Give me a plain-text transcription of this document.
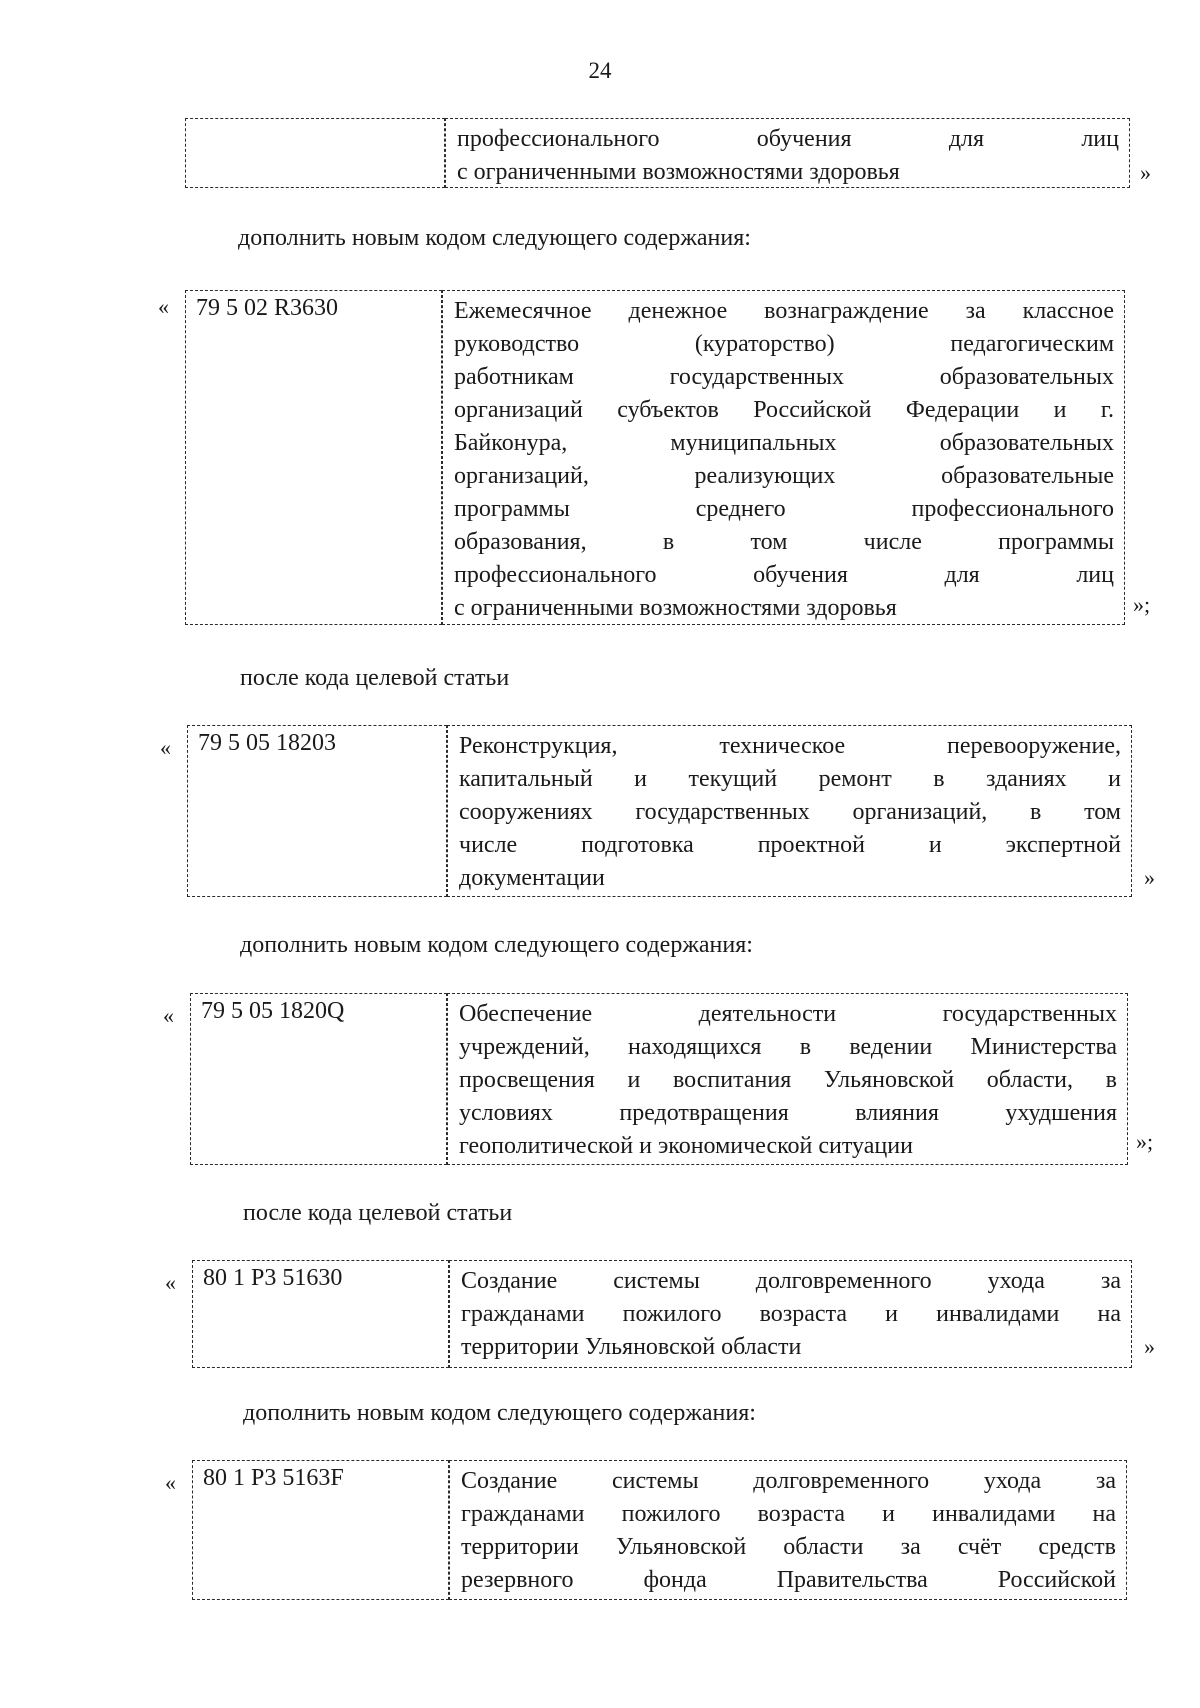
24
профессионального обучения для лиц
с ограниченными возможностями здоровья	»
дополнить новым кодом следующего содержания:
«	79 5 02 R3630	Ежемесячное денежное вознаграждение за классное
руководство (кураторство) педагогическим
работникам государственных образовательных
организаций субъектов Российской Федерации и г.
Байконура, муниципальных образовательных
организаций, реализующих образовательные
программы среднего профессионального
образования, в том числе программы
профессионального обучения для лиц
с ограниченными возможностями здоровья	»;
после кода целевой статьи
«	79 5 05 18203	Реконструкция, техническое перевооружение,
капитальный и текущий ремонт в зданиях и
сооружениях государственных организаций, в том
числе подготовка проектной и экспертной
документации	»
дополнить новым кодом следующего содержания:
«	79 5 05 1820Q	Обеспечение деятельности государственных
учреждений, находящихся в ведении Министерства
просвещения и воспитания Ульяновской области, в
условиях предотвращения влияния ухудшения
геополитической и экономической ситуации	»;
после кода целевой статьи
«	80 1 Р3 51630	Создание системы долговременного ухода за
гражданами пожилого возраста и инвалидами на
территории Ульяновской области	»
дополнить новым кодом следующего содержания:
«	80 1 Р3 5163F	Создание системы долговременного ухода за
гражданами пожилого возраста и инвалидами на
территории Ульяновской области за счёт средств
резервного фонда Правительства Российской
